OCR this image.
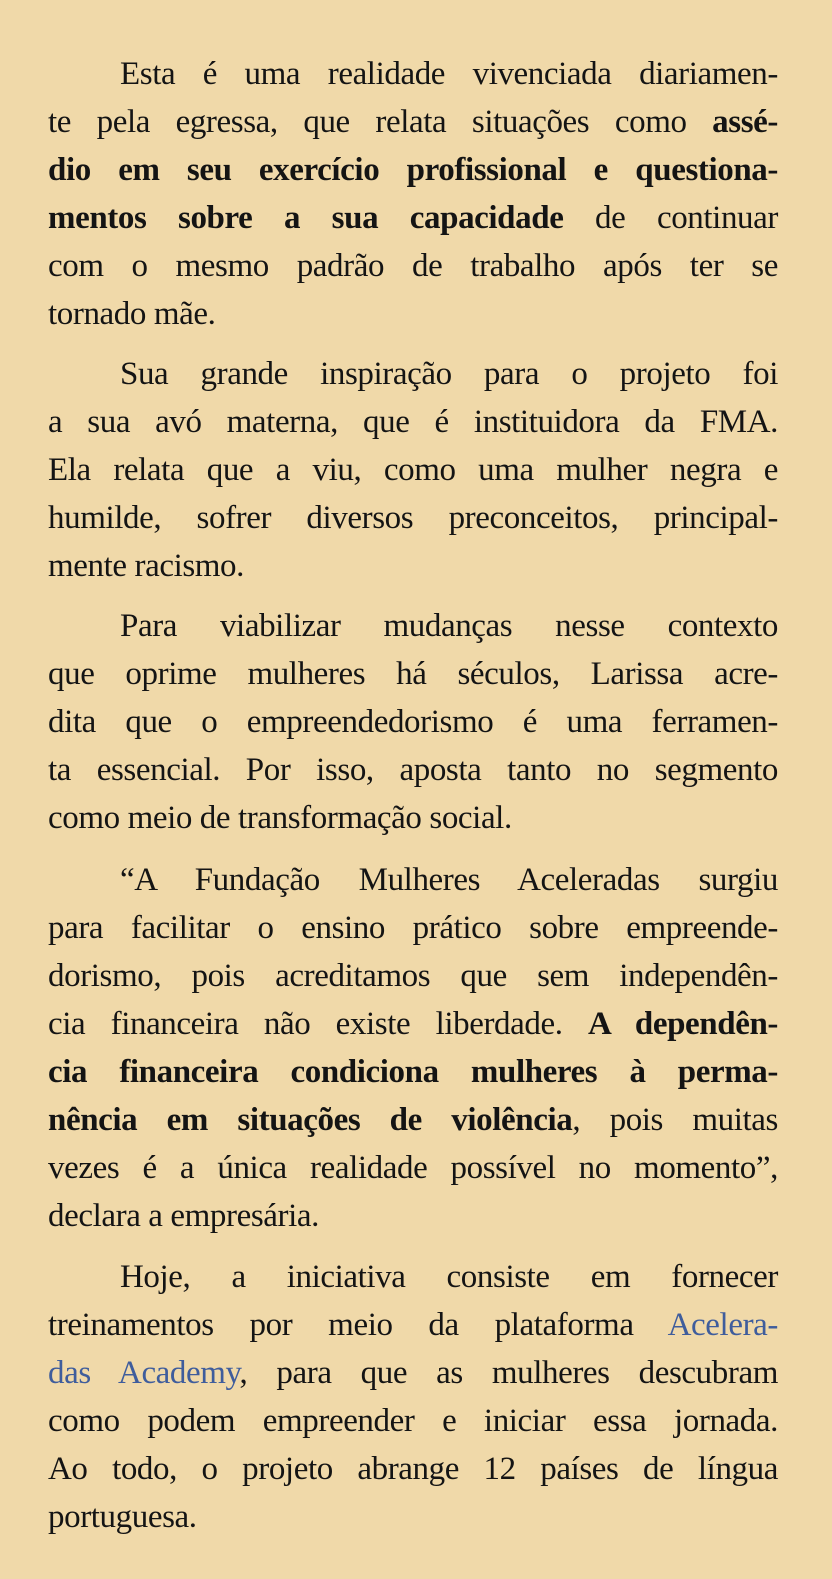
Esta é uma realidade vivenciada diariamen-
te pela egressa, que relata situações como assé-
dio em seu exercício profissional e questiona-
mentos sobre a sua capacidade de continuar
com o mesmo padrão de trabalho após ter se
tornado mãe.
Sua grande inspiração para o projeto foi
a sua avó materna, que é instituidora da FMA.
Ela relata que a viu, como uma mulher negra e
humilde, sofrer diversos preconceitos, principal-
mente racismo.
Para viabilizar mudanças nesse contexto
que oprime mulheres há séculos, Larissa acre-
dita que o empreendedorismo é uma ferramen-
ta essencial. Por isso, aposta tanto no segmento
como meio de transformação social.
“A Fundação Mulheres Aceleradas surgiu
para facilitar o ensino prático sobre empreende-
dorismo, pois acreditamos que sem independên-
cia financeira não existe liberdade. A dependên-
cia financeira condiciona mulheres à perma-
nência em situações de violência, pois muitas
vezes é a única realidade possível no momento”,
declara a empresária.
Hoje, a iniciativa consiste em fornecer
treinamentos por meio da plataforma Acelera-
das Academy, para que as mulheres descubram
como podem empreender e iniciar essa jornada.
Ao todo, o projeto abrange 12 países de língua
portuguesa.
